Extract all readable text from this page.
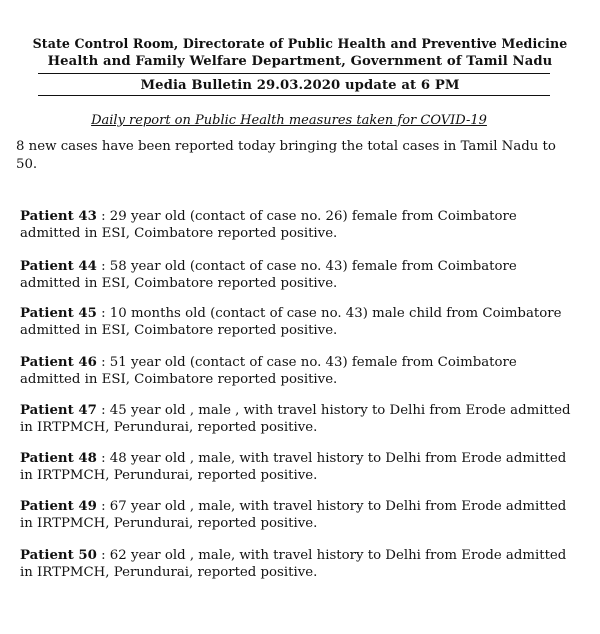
State Control Room, Directorate of Public Health and Preventive Medicine
Health and Family Welfare Department, Government of Tamil Nadu
Media Bulletin 29.03.2020 update at 6 PM
Daily report on Public Health measures taken for COVID-19
8 new cases have been reported today bringing the total cases in Tamil Nadu to 50.
Patient 43 : 29 year old (contact of case no. 26) female from Coimbatore admitted in ESI, Coimbatore reported positive.
Patient 44 : 58 year old (contact of case no. 43) female from Coimbatore admitted in ESI, Coimbatore reported positive.
Patient 45 : 10 months old (contact of case no. 43) male child from Coimbatore admitted in ESI, Coimbatore reported positive.
Patient 46 : 51 year old (contact of case no. 43) female from Coimbatore admitted in ESI, Coimbatore reported positive.
Patient 47 : 45 year old , male , with travel history to Delhi from Erode admitted in IRTPMCH, Perundurai, reported positive.
Patient 48 : 48 year old , male, with travel history to Delhi from Erode admitted in IRTPMCH, Perundurai, reported positive.
Patient 49 : 67 year old , male, with travel history to Delhi from Erode admitted in IRTPMCH, Perundurai, reported positive.
Patient 50 : 62 year old , male, with travel history to Delhi from Erode admitted in IRTPMCH, Perundurai, reported positive.
